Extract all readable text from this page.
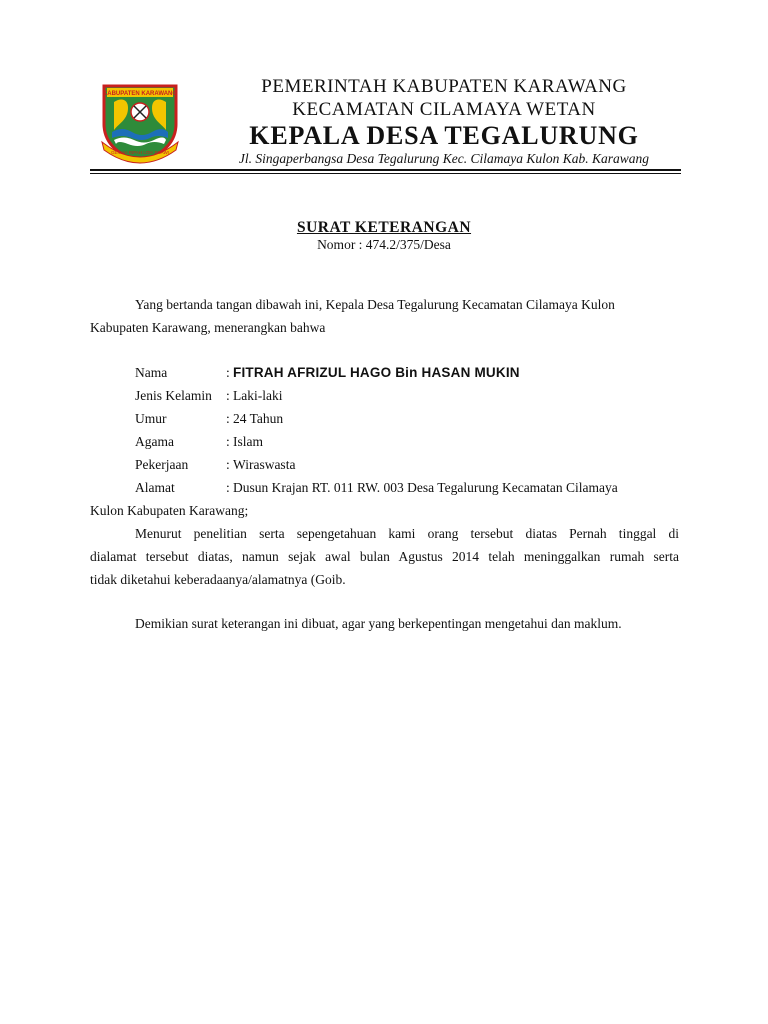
KABUPATEN KARAWANG
GEMAH RIPAH LOH JINAWI
PEMERINTAH KABUPATEN KARAWANG
KECAMATAN CILAMAYA WETAN
KEPALA DESA TEGALURUNG
Jl. Singaperbangsa Desa Tegalurung Kec. Cilamaya Kulon Kab. Karawang
SURAT KETERANGAN
Nomor : 474.2/375/Desa
Yang bertanda tangan dibawah ini, Kepala Desa Tegalurung Kecamatan Cilamaya Kulon
Kabupaten Karawang, menerangkan bahwa
Nama	: FITRAH AFRIZUL HAGO Bin HASAN MUKIN
Jenis Kelamin : Laki-laki
Umur	: 24 Tahun
Agama	: Islam
Pekerjaan	: Wiraswasta
Alamat	: Dusun Krajan RT. 011 RW. 003 Desa Tegalurung Kecamatan Cilamaya
Kulon Kabupaten Karawang;
Menurut penelitian serta sepengetahuan kami orang tersebut diatas Pernah tinggal di
dialamat tersebut diatas, namun sejak awal bulan Agustus 2014 telah meninggalkan rumah serta
tidak diketahui keberadaanya/alamatnya (Goib.
Demikian surat keterangan ini dibuat, agar yang berkepentingan mengetahui dan maklum.
